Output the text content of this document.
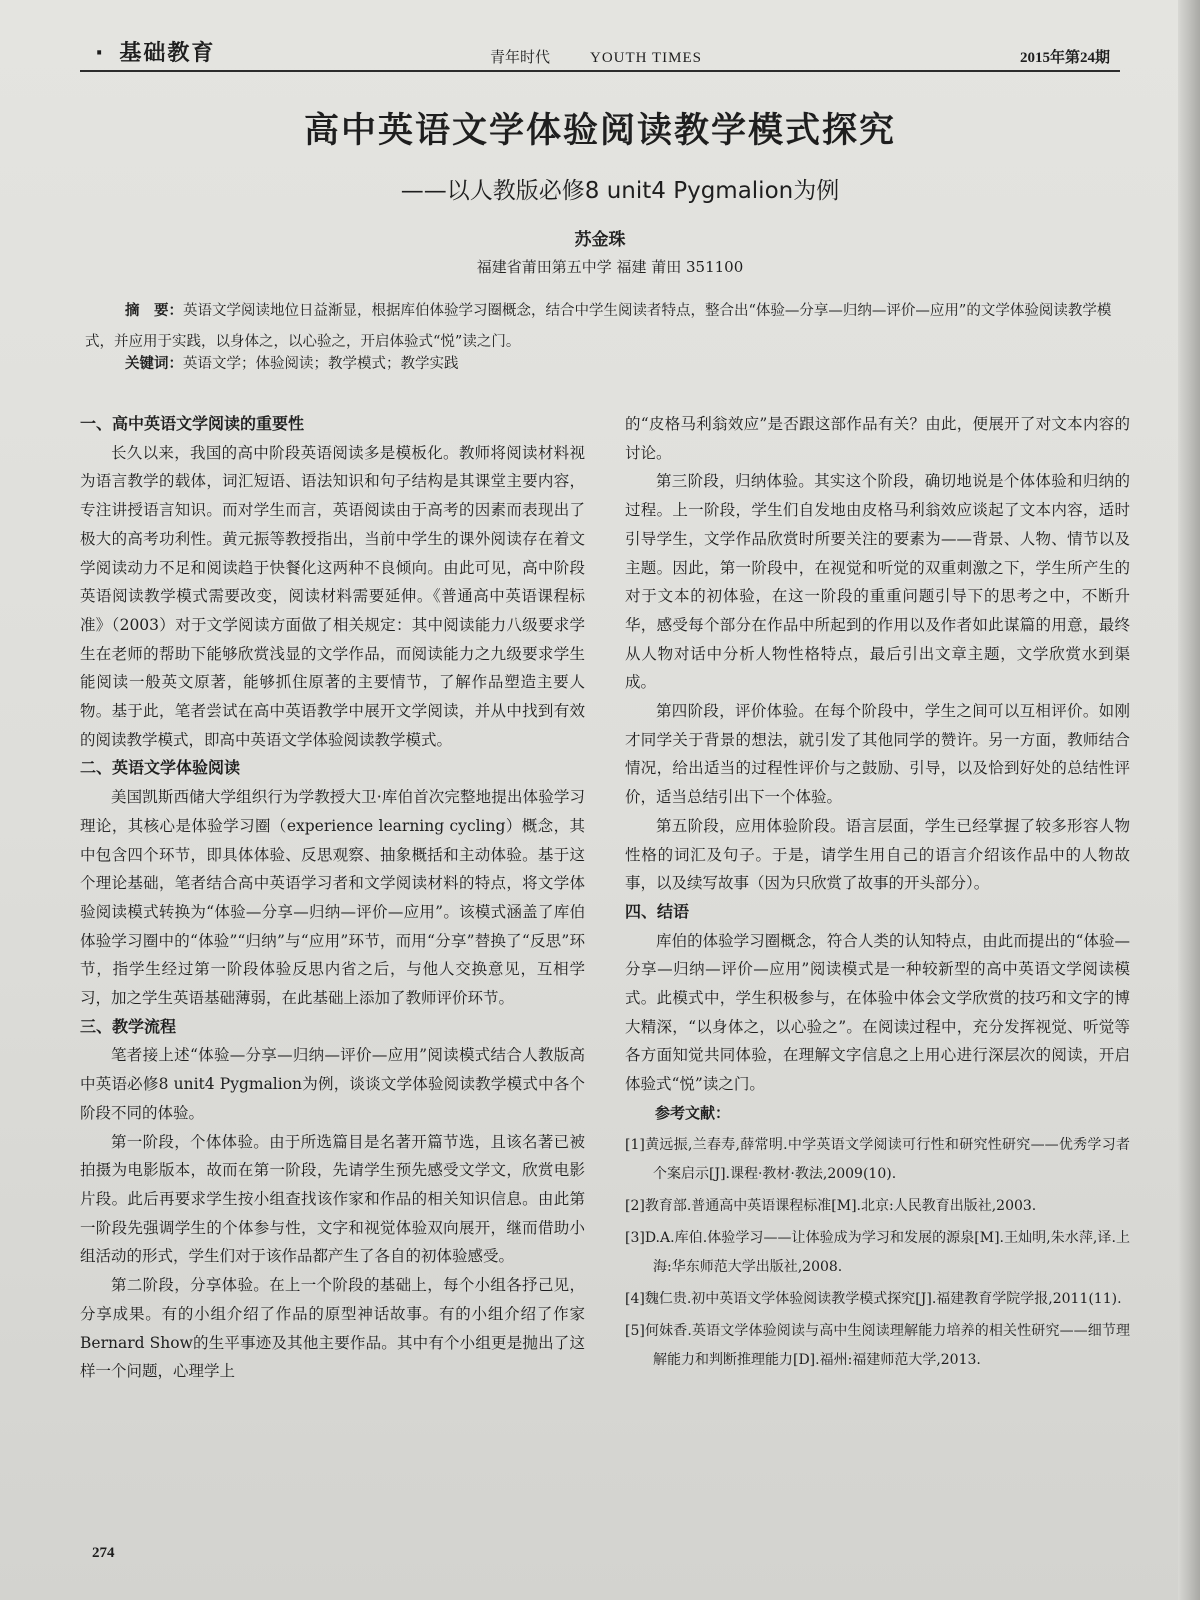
· 基础教育	青年时代	YOUTH TIMES	2015年第24期
高中英语文学体验阅读教学模式探究
——以人教版必修8 unit4 Pygmalion为例
苏金珠
福建省莆田第五中学 福建 莆田 351100
摘　要：英语文学阅读地位日益渐显，根据库伯体验学习圈概念，结合中学生阅读者特点，整合出“体验—分享—归纳—评价—应用”的文学体验阅读教学模式，并应用于实践，以身体之，以心验之，开启体验式“悦”读之门。
关键词：英语文学；体验阅读；教学模式；教学实践
一、高中英语文学阅读的重要性

长久以来，我国的高中阶段英语阅读多是模板化。教师将阅读材料视为语言教学的载体，词汇短语、语法知识和句子结构是其课堂主要内容，专注讲授语言知识。而对学生而言，英语阅读由于高考的因素而表现出了极大的高考功利性。黄元振等教授指出，当前中学生的课外阅读存在着文学阅读动力不足和阅读趋于快餐化这两种不良倾向。由此可见，高中阶段英语阅读教学模式需要改变，阅读材料需要延伸。《普通高中英语课程标准》（2003）对于文学阅读方面做了相关规定：其中阅读能力八级要求学生在老师的帮助下能够欣赏浅显的文学作品，而阅读能力之九级要求学生能阅读一般英文原著，能够抓住原著的主要情节，了解作品塑造主要人物。基于此，笔者尝试在高中英语教学中展开文学阅读，并从中找到有效的阅读教学模式，即高中英语文学体验阅读教学模式。

二、英语文学体验阅读

美国凯斯西储大学组织行为学教授大卫·库伯首次完整地提出体验学习理论，其核心是体验学习圈（experience learning cycling）概念，其中包含四个环节，即具体体验、反思观察、抽象概括和主动体验。基于这个理论基础，笔者结合高中英语学习者和文学阅读材料的特点，将文学体验阅读模式转换为“体验—分享—归纳—评价—应用”。该模式涵盖了库伯体验学习圈中的“体验”“归纳”与“应用”环节，而用“分享”替换了“反思”环节，指学生经过第一阶段体验反思内省之后，与他人交换意见，互相学习，加之学生英语基础薄弱，在此基础上添加了教师评价环节。

三、教学流程

笔者接上述“体验—分享—归纳—评价—应用”阅读模式结合人教版高中英语必修8 unit4 Pygmalion为例，谈谈文学体验阅读教学模式中各个阶段不同的体验。

第一阶段，个体体验。由于所选篇目是名著开篇节选，且该名著已被拍摄为电影版本，故而在第一阶段，先请学生预先感受文学文，欣赏电影片段。此后再要求学生按小组查找该作家和作品的相关知识信息。由此第一阶段先强调学生的个体参与性，文字和视觉体验双向展开，继而借助小组活动的形式，学生们对于该作品都产生了各自的初体验感受。

第二阶段，分享体验。在上一个阶段的基础上，每个小组各抒己见，分享成果。有的小组介绍了作品的原型神话故事。有的小组介绍了作家Bernard Show的生平事迹及其他主要作品。其中有个小组更是抛出了这样一个问题，心理学上

的“皮格马利翁效应”是否跟这部作品有关？由此，便展开了对文本内容的讨论。

第三阶段，归纳体验。其实这个阶段，确切地说是个体体验和归纳的过程。上一阶段，学生们自发地由皮格马利翁效应谈起了文本内容，适时引导学生，文学作品欣赏时所要关注的要素为——背景、人物、情节以及主题。因此，第一阶段中，在视觉和听觉的双重刺激之下，学生所产生的对于文本的初体验，在这一阶段的重重问题引导下的思考之中，不断升华，感受每个部分在作品中所起到的作用以及作者如此谋篇的用意，最终从人物对话中分析人物性格特点，最后引出文章主题，文学欣赏水到渠成。

第四阶段，评价体验。在每个阶段中，学生之间可以互相评价。如刚才同学关于背景的想法，就引发了其他同学的赞许。另一方面，教师结合情况，给出适当的过程性评价与之鼓励、引导，以及恰到好处的总结性评价，适当总结引出下一个体验。

第五阶段，应用体验阶段。语言层面，学生已经掌握了较多形容人物性格的词汇及句子。于是，请学生用自己的语言介绍该作品中的人物故事，以及续写故事（因为只欣赏了故事的开头部分）。

四、结语

库伯的体验学习圈概念，符合人类的认知特点，由此而提出的“体验—分享—归纳—评价—应用”阅读模式是一种较新型的高中英语文学阅读模式。此模式中，学生积极参与，在体验中体会文学欣赏的技巧和文字的博大精深，“以身体之，以心验之”。在阅读过程中，充分发挥视觉、听觉等各方面知觉共同体验，在理解文字信息之上用心进行深层次的阅读，开启体验式“悦”读之门。

参考文献：
[1]黄远振,兰春寿,薛常明.中学英语文学阅读可行性和研究性研究——优秀学习者个案启示[J].课程·教材·教法,2009(10).
[2]教育部.普通高中英语课程标准[M].北京:人民教育出版社,2003.
[3]D.A.库伯.体验学习——让体验成为学习和发展的源泉[M].王灿明,朱水萍,译.上海:华东师范大学出版社,2008.
[4]魏仁贵.初中英语文学体验阅读教学模式探究[J].福建教育学院学报,2011(11).
[5]何妹香.英语文学体验阅读与高中生阅读理解能力培养的相关性研究——细节理解能力和判断推理能力[D].福州:福建师范大学,2013.
274
